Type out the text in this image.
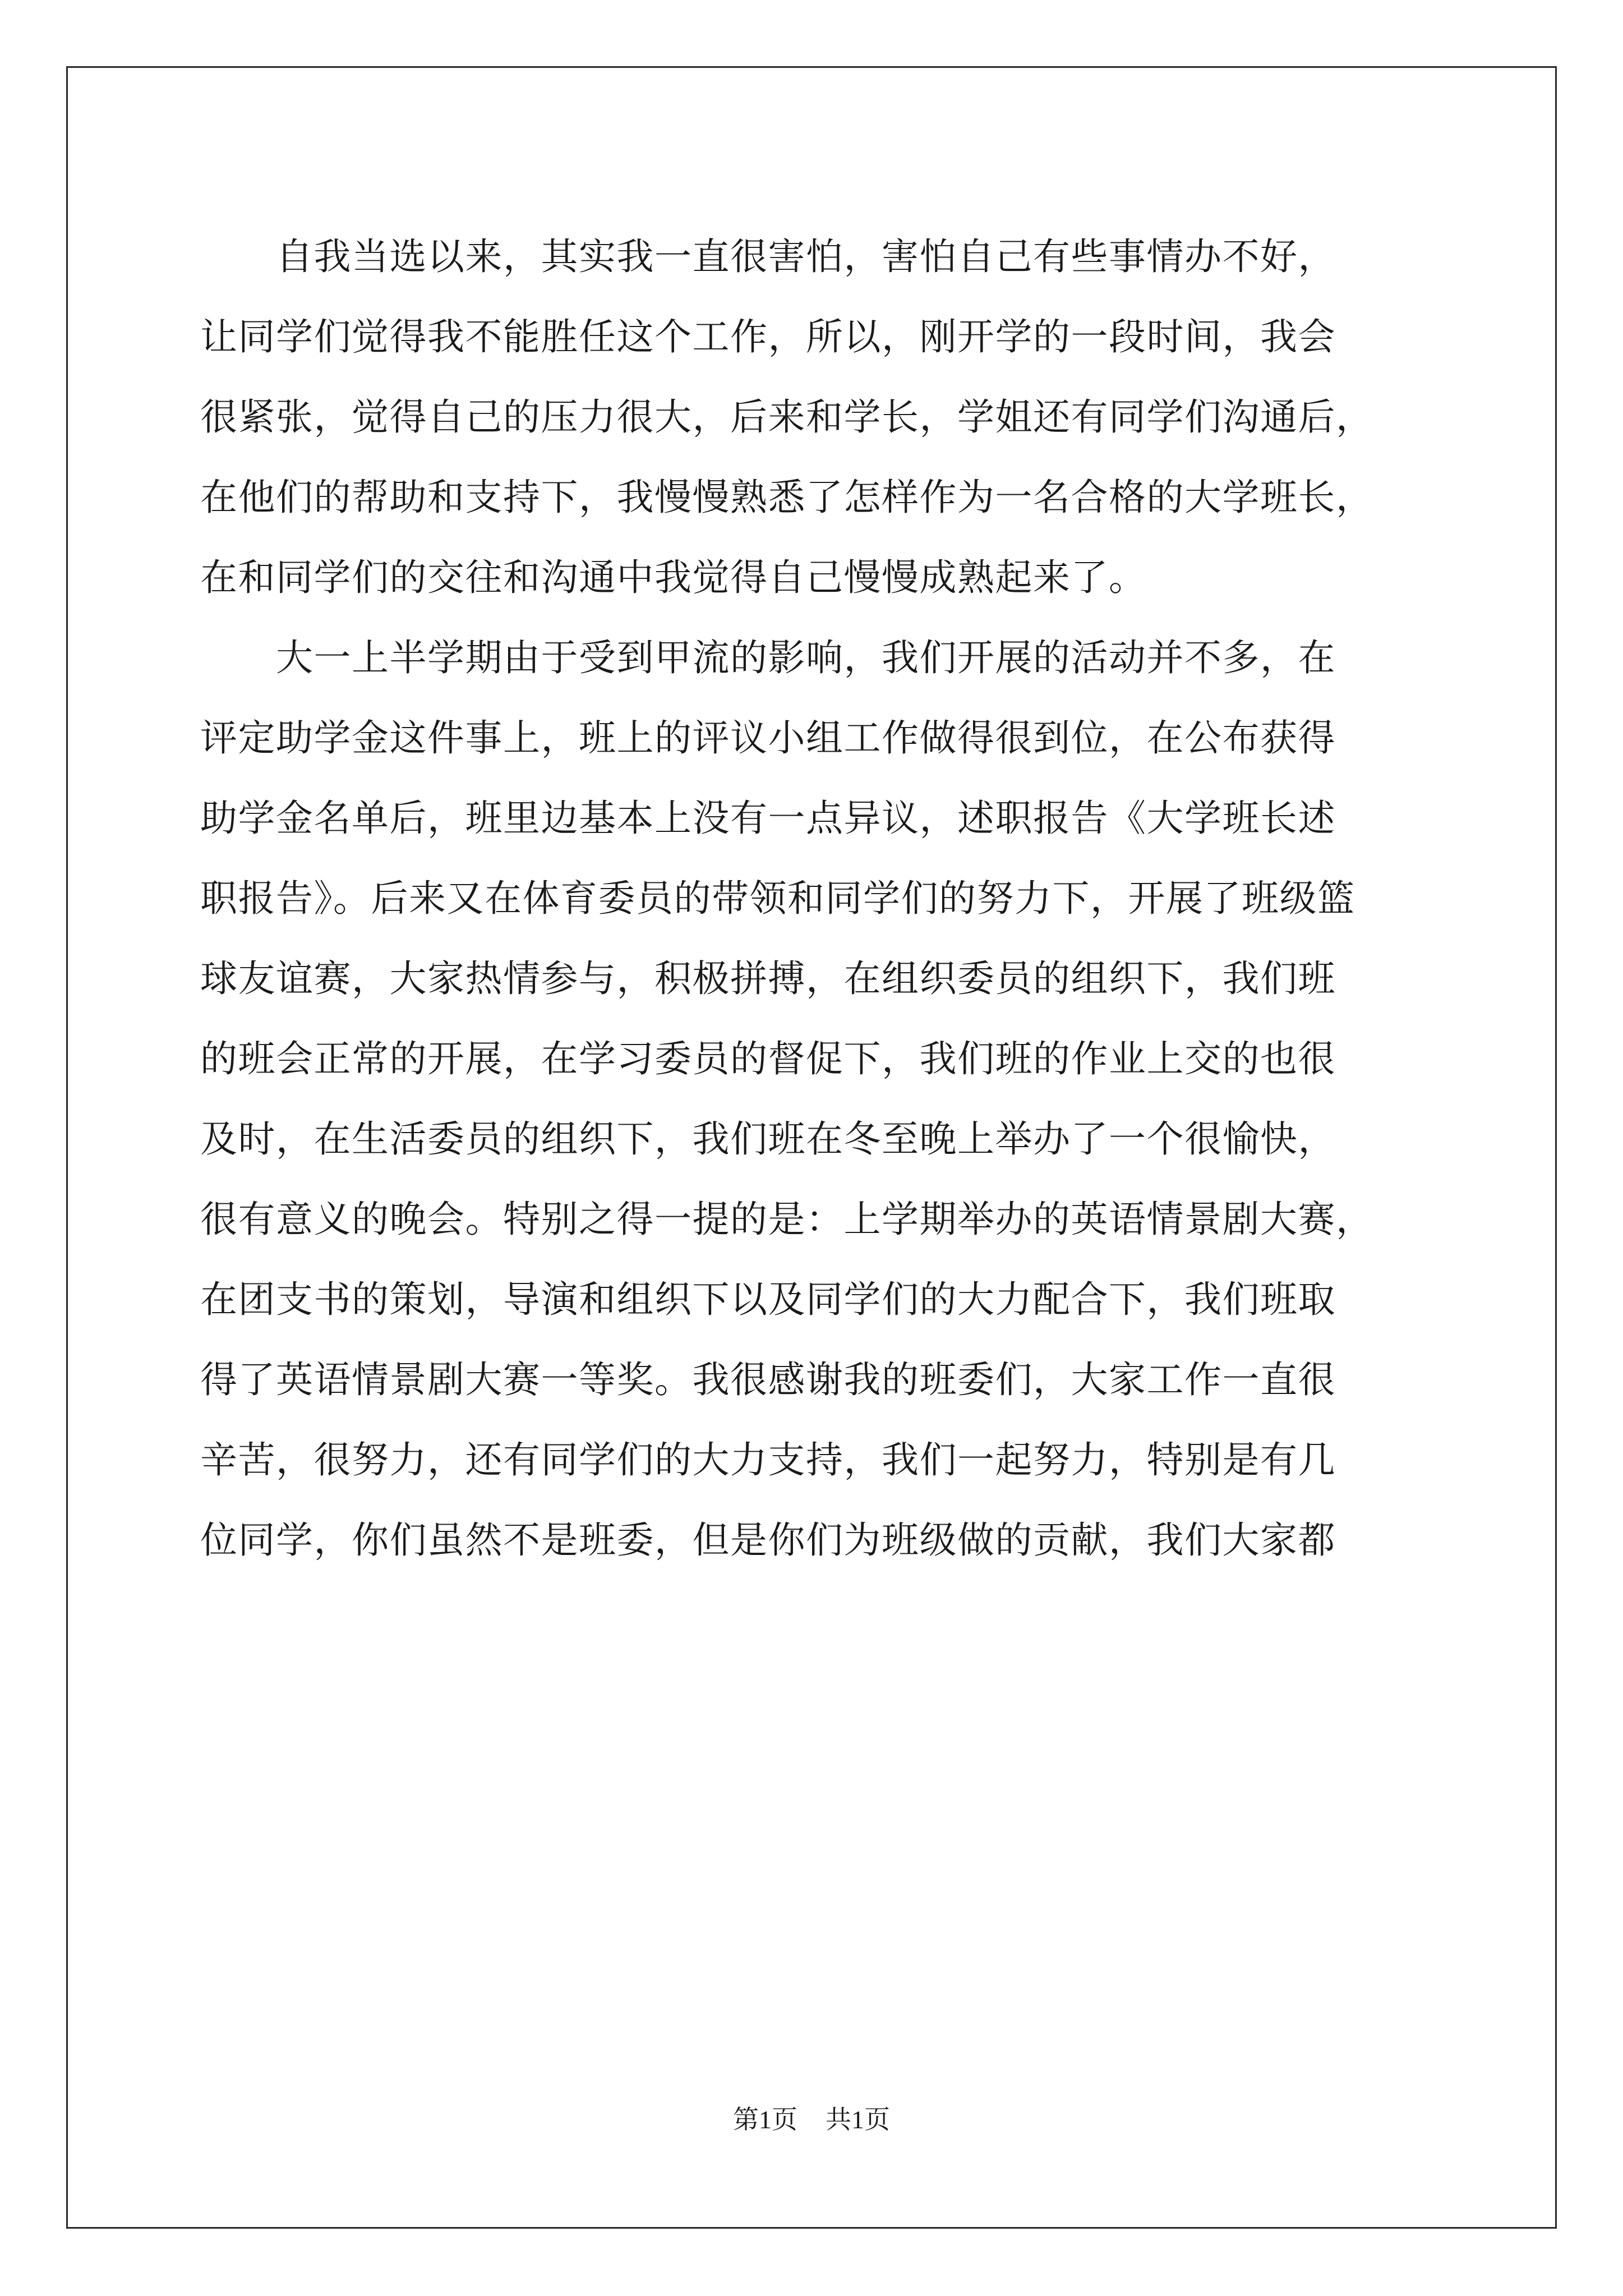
　　自我当选以来，其实我一直很害怕，害怕自己有些事情办不好，
让同学们觉得我不能胜任这个工作，所以，刚开学的一段时间，我会
很紧张，觉得自己的压力很大，后来和学长，学姐还有同学们沟通后，
在他们的帮助和支持下，我慢慢熟悉了怎样作为一名合格的大学班长，
在和同学们的交往和沟通中我觉得自己慢慢成熟起来了。
　　大一上半学期由于受到甲流的影响，我们开展的活动并不多，在
评定助学金这件事上，班上的评议小组工作做得很到位，在公布获得
助学金名单后，班里边基本上没有一点异议，述职报告《大学班长述
职报告》。后来又在体育委员的带领和同学们的努力下，开展了班级篮
球友谊赛，大家热情参与，积极拼搏，在组织委员的组织下，我们班
的班会正常的开展，在学习委员的督促下，我们班的作业上交的也很
及时，在生活委员的组织下，我们班在冬至晚上举办了一个很愉快，
很有意义的晚会。特别之得一提的是：上学期举办的英语情景剧大赛，
在团支书的策划，导演和组织下以及同学们的大力配合下，我们班取
得了英语情景剧大赛一等奖。我很感谢我的班委们，大家工作一直很
辛苦，很努力，还有同学们的大力支持，我们一起努力，特别是有几
位同学，你们虽然不是班委，但是你们为班级做的贡献，我们大家都
第1页 共1页
